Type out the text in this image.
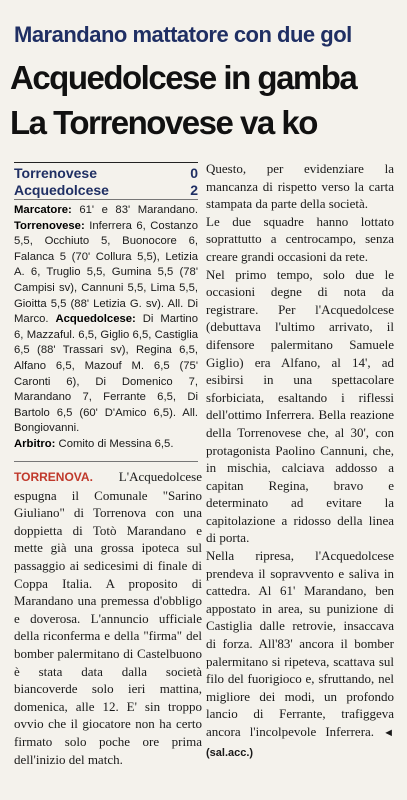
Marandano mattatore con due gol
Acquedolcese in gamba
La Torrenovese va ko
Torrenovese	0
Acquedolcese	2

Marcatore: 61' e 83' Marandano. Torrenovese: Inferrera 6, Costanzo 5,5, Occhiuto 5, Buonocore 6, Falanca 5 (70' Collura 5,5), Letizia A. 6, Truglio 5,5, Gumina 5,5 (78' Campisi sv), Cannuni 5,5, Lima 5,5, Gioitta 5,5 (88' Letizia G. sv). All. Di Marco. Acquedolcese: Di Martino 6, Mazzaful. 6,5, Giglio 6,5, Castiglia 6,5 (88' Trassari sv), Regina 6,5, Alfano 6,5, Mazouf M. 6,5 (75' Caronti 6), Di Domenico 7, Marandano 7, Ferrante 6,5, Di Bartolo 6,5 (60' D'Amico 6,5). All. Bongiovanni.

Arbitro: Comito di Messina 6,5.

TORRENOVA. L'Acquedolcese espugna il Comunale "Sarino Giuliano" di Torrenova con una doppietta di Totò Marandano e mette già una grossa ipoteca sul passaggio ai sedicesimi di finale di Coppa Italia. A proposito di Marandano una premessa d'obbligo e doverosa. L'annuncio ufficiale della riconferma e della "firma" del bomber palermitano di Castelbuono è stata data dalla società biancoverde solo ieri mattina, domenica, alle 12. E' sin troppo ovvio che il giocatore non ha certo firmato solo poche ore prima dell'inizio del match.

Questo, per evidenziare la mancanza di rispetto verso la carta stampata da parte della società.

Le due squadre hanno lottato soprattutto a centrocampo, senza creare grandi occasioni da rete.

Nel primo tempo, solo due le occasioni degne di nota da registrare. Per l'Acquedolcese (debuttava l'ultimo arrivato, il difensore palermitano Samuele Giglio) era Alfano, al 14', ad esibirsi in una spettacolare sforbiciata, esaltando i riflessi dell'ottimo Inferrera. Bella reazione della Torrenovese che, al 30', con protagonista Paolino Cannuni, che, in mischia, calciava addosso a capitan Regina, bravo e determinato ad evitare la capitolazione a ridosso della linea di porta.

Nella ripresa, l'Acquedolcese prendeva il sopravvento e saliva in cattedra. Al 61' Marandano, ben appostato in area, su punizione di Castiglia dalle retrovie, insaccava di forza. All'83' ancora il bomber palermitano si ripeteva, scattava sul filo del fuorigioco e, sfruttando, nel migliore dei modi, un profondo lancio di Ferrante, trafiggeva ancora l'incolpevole Inferrera. ◄ (sal.acc.)
